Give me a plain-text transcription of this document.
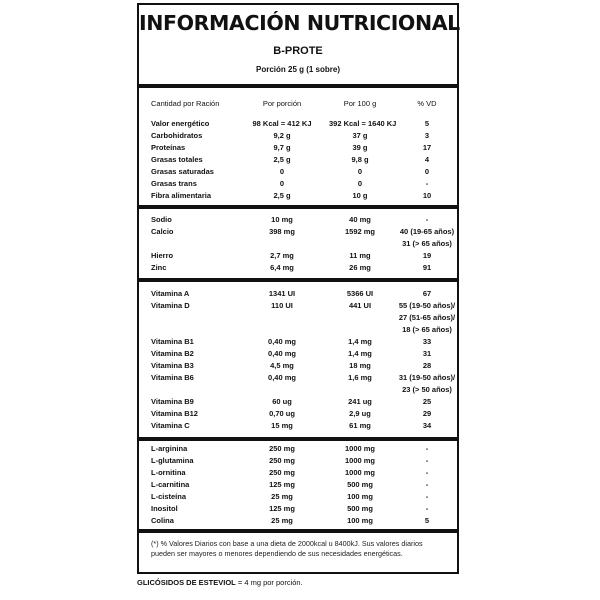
INFORMACIÓN NUTRICIONAL
B-PROTE
Porción 25 g (1 sobre)
Cantidad por Ración	Por porción	Por 100 g	% VD
Valor energético	98 Kcal = 412 KJ	392 Kcal = 1640 KJ	5
Carbohidratos	9,2 g	37 g	3
Proteínas	9,7 g	39 g	17
Grasas totales	2,5 g	9,8 g	4
Grasas saturadas	0	0	0
Grasas trans	0	0	-
Fibra alimentaria	2,5 g	10 g	10
Sodio	10 mg	40 mg	-
Calcio	398 mg	1592 mg	40 (19-65 años)
31 (> 65 años)
Hierro	2,7 mg	11 mg	19
Zinc	6,4 mg	26 mg	91
Vitamina A	1341 UI	5366 UI	67
Vitamina D	110 UI	441 UI	55 (19-50 años)/
27 (51-65 años)/
18 (> 65 años)
Vitamina B1	0,40 mg	1,4 mg	33
Vitamina B2	0,40 mg	1,4 mg	31
Vitamina B3	4,5 mg	18 mg	28
Vitamina B6	0,40 mg	1,6 mg	31 (19-50 años)/
23 (> 50 años)
Vitamina B9	60 ug	241 ug	25
Vitamina B12	0,70 ug	2,9 ug	29
Vitamina C	15 mg	61 mg	34
L-arginina	250 mg	1000 mg	-
L-glutamina	250 mg	1000 mg	-
L-ornitina	250 mg	1000 mg	-
L-carnitina	125 mg	500 mg	-
L-cisteína	25 mg	100 mg	-
Inositol	125 mg	500 mg	-
Colina	25 mg	100 mg	5
(*) % Valores Diarios con base a una dieta de 2000kcal u 8400kJ. Sus valores diarios pueden ser mayores o menores dependiendo de sus necesidades energéticas.
GLICÓSIDOS DE ESTEVIOL = 4 mg por porción.
